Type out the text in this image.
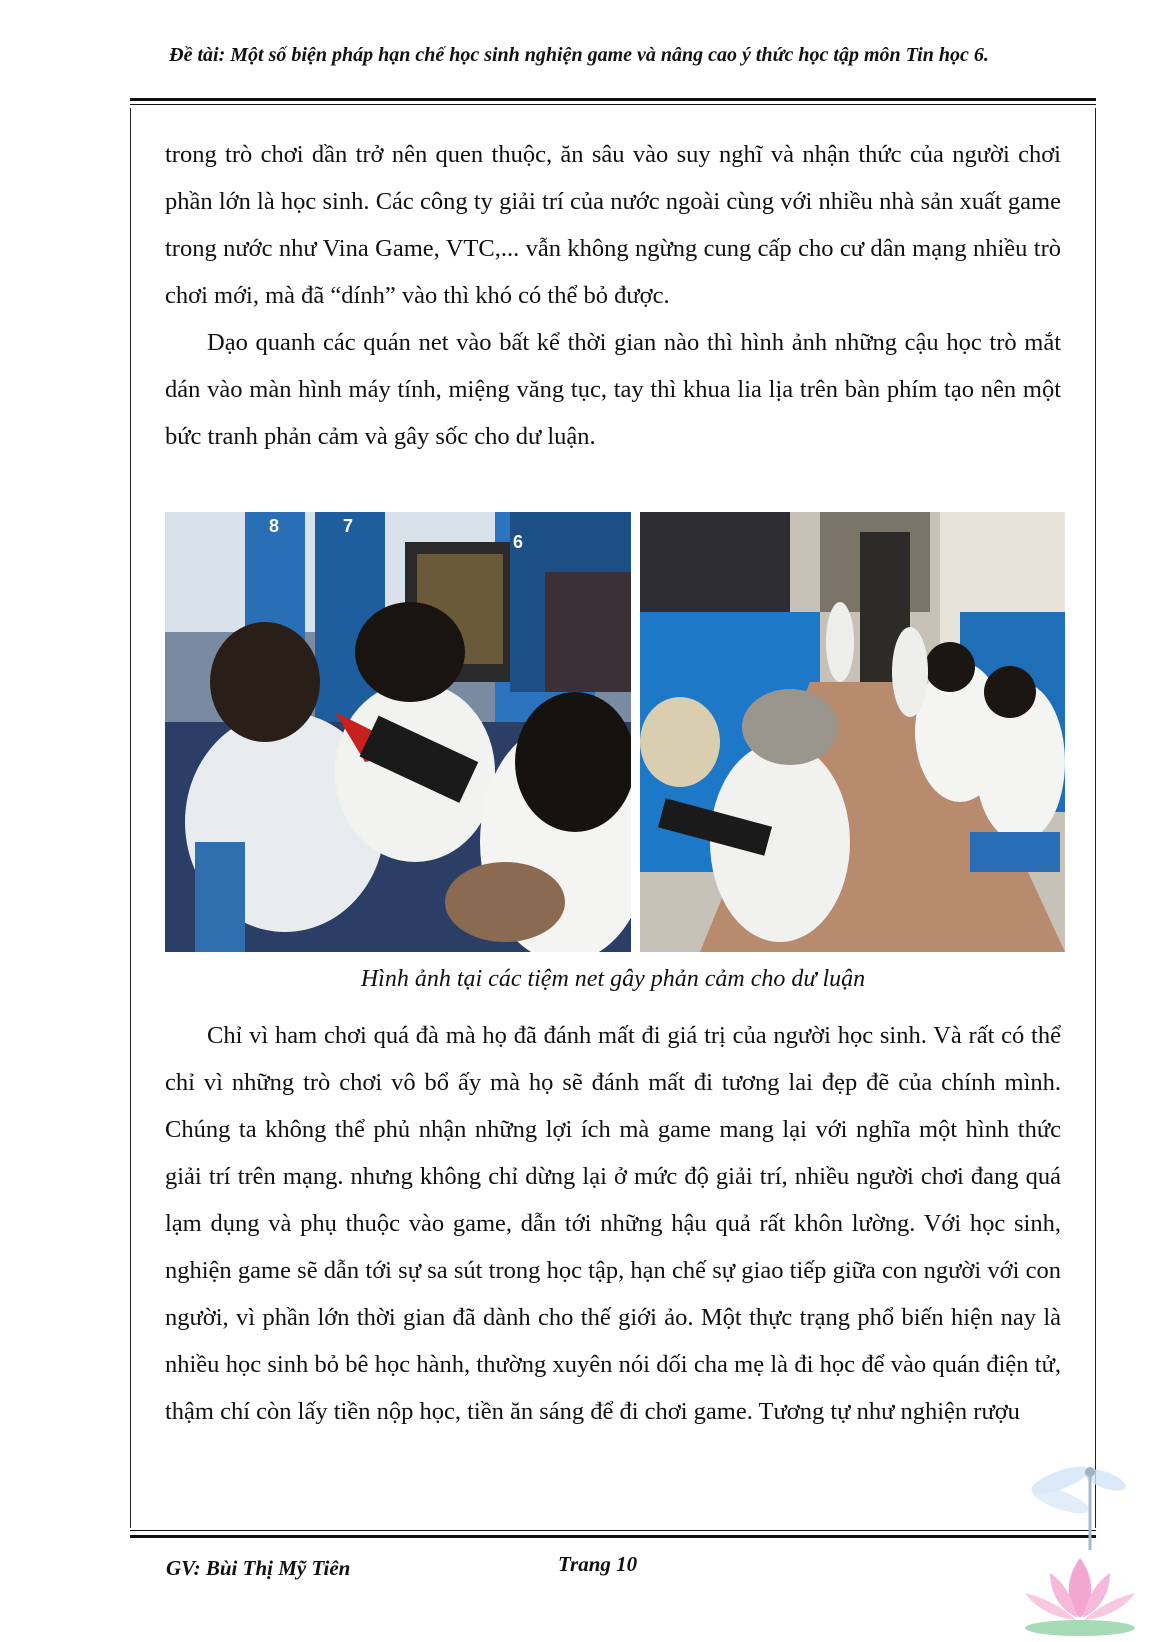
Đề tài: Một số biện pháp hạn chế học sinh nghiện game và nâng cao ý thức học tập môn Tin học 6.

trong trò chơi dần trở nên quen thuộc, ăn sâu vào suy nghĩ và nhận thức của người chơi phần lớn là học sinh. Các công ty giải trí của nước ngoài cùng với nhiều nhà sản xuất game trong nước như Vina Game, VTC,... vẫn không ngừng cung cấp cho cư dân mạng nhiều trò chơi mới, mà đã “dính” vào thì khó có thể bỏ được.

Dạo quanh các quán net vào bất kể thời gian nào thì hình ảnh những cậu học trò mắt dán vào màn hình máy tính, miệng văng tục, tay thì khua lia lịa trên bàn phím tạo nên một bức tranh phản cảm và gây sốc cho dư luận.

8	7
6
Hình ảnh tại các tiệm net gây phản cảm cho dư luận

Chỉ vì ham chơi quá đà mà họ đã đánh mất đi giá trị của người học sinh. Và rất có thể chỉ vì những trò chơi vô bổ ấy mà họ sẽ đánh mất đi tương lai đẹp đẽ của chính mình. Chúng ta không thể phủ nhận những lợi ích mà game mang lại với nghĩa một hình thức giải trí trên mạng. nhưng không chỉ dừng lại ở mức độ giải trí, nhiều người chơi đang quá lạm dụng và phụ thuộc vào game, dẫn tới những hậu quả rất khôn lường. Với học sinh, nghiện game sẽ dẫn tới sự sa sút trong học tập, hạn chế sự giao tiếp giữa con người với con người, vì phần lớn thời gian đã dành cho thế giới ảo. Một thực trạng phổ biến hiện nay là nhiều học sinh bỏ bê học hành, thường xuyên nói dối cha mẹ là đi học để vào quán điện tử, thậm chí còn lấy tiền nộp học, tiền ăn sáng để đi chơi game. Tương tự như nghiện rượu

GV: Bùi Thị Mỹ Tiên	Trang 10
